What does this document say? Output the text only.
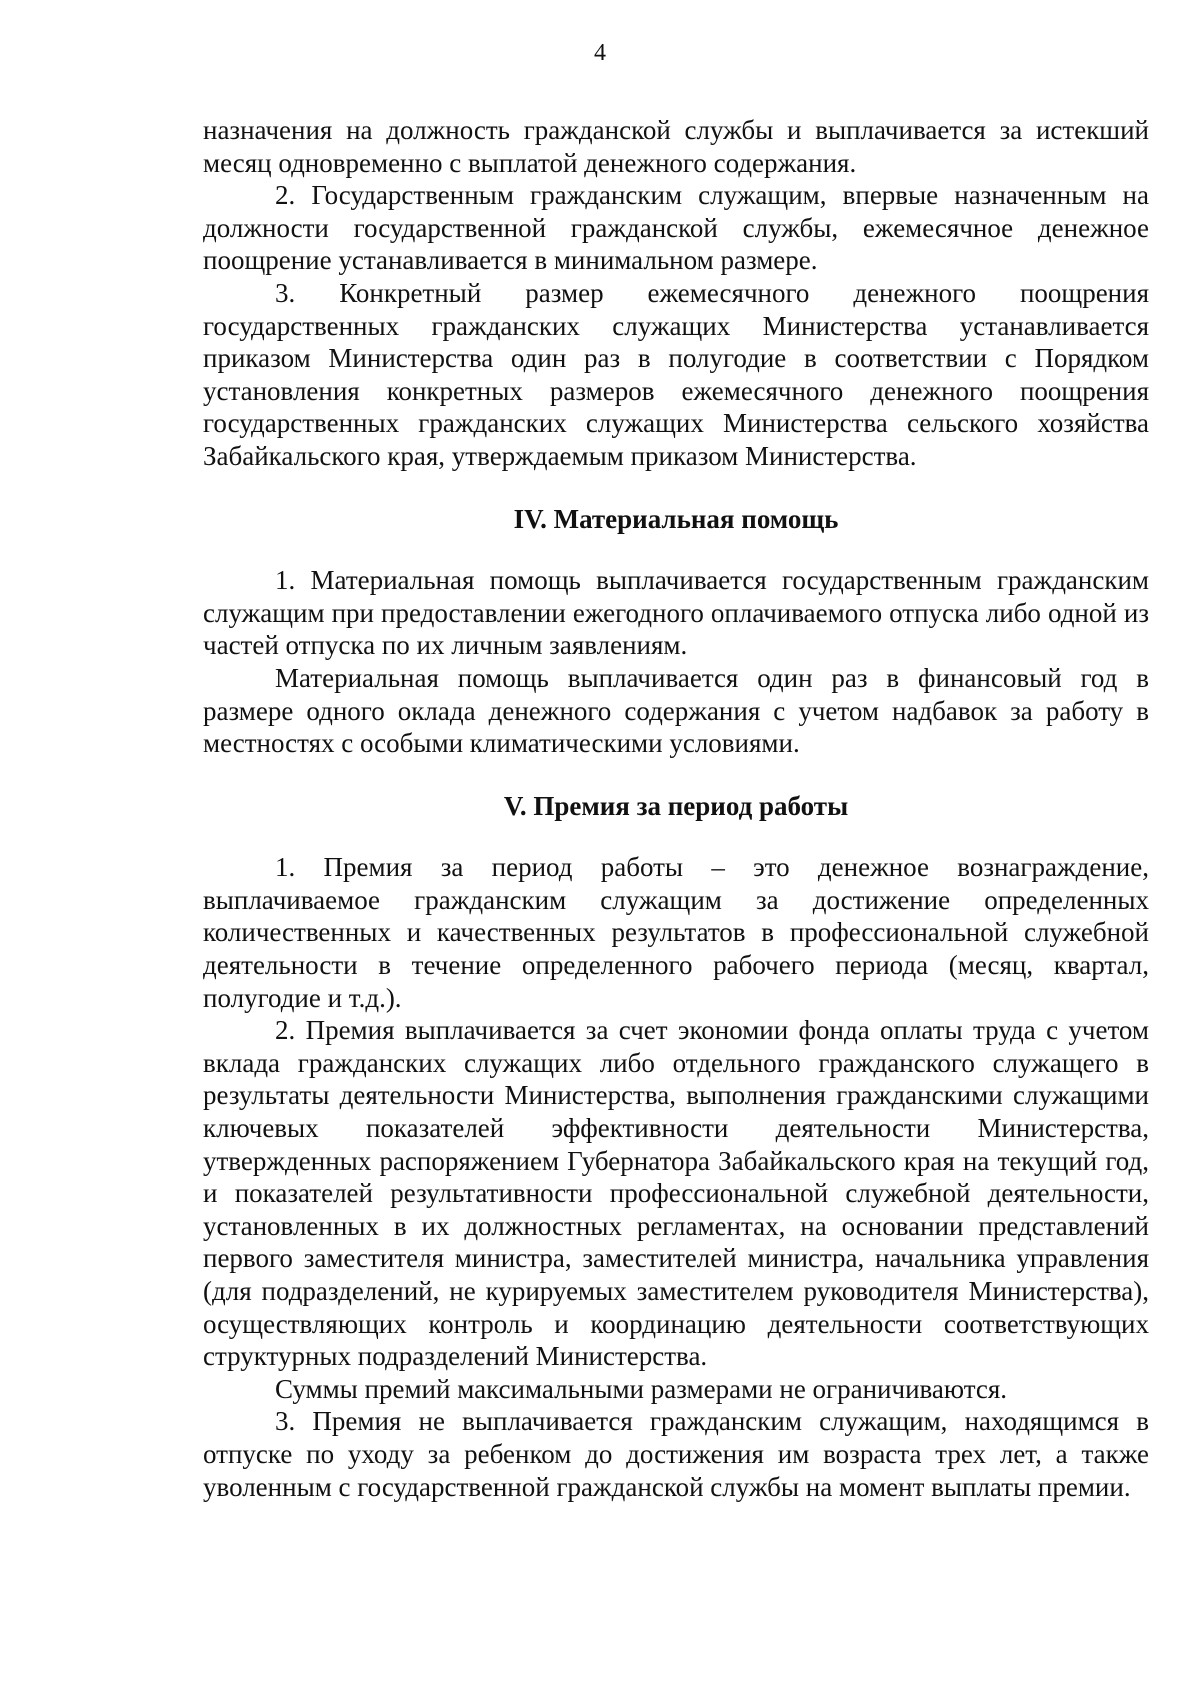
4

назначения на должность гражданской службы и выплачивается за истекший месяц одновременно с выплатой денежного содержания.

2. Государственным гражданским служащим, впервые назначенным на должности государственной гражданской службы, ежемесячное денежное поощрение устанавливается в минимальном размере.

3. Конкретный размер ежемесячного денежного поощрения государственных гражданских служащих Министерства устанавливается приказом Министерства один раз в полугодие в соответствии с Порядком установления конкретных размеров ежемесячного денежного поощрения государственных гражданских служащих Министерства сельского хозяйства Забайкальского края, утверждаемым приказом Министерства.

IV. Материальная помощь

1. Материальная помощь выплачивается государственным гражданским служащим при предоставлении ежегодного оплачиваемого отпуска либо одной из частей отпуска по их личным заявлениям.

Материальная помощь выплачивается один раз в финансовый год в размере одного оклада денежного содержания с учетом надбавок за работу в местностях с особыми климатическими условиями.

V. Премия за период работы

1. Премия за период работы – это денежное вознаграждение, выплачиваемое гражданским служащим за достижение определенных количественных и качественных результатов в профессиональной служебной деятельности в течение определенного рабочего периода (месяц, квартал, полугодие и т.д.).

2. Премия выплачивается за счет экономии фонда оплаты труда с учетом вклада гражданских служащих либо отдельного гражданского служащего в результаты деятельности Министерства, выполнения гражданскими служащими ключевых показателей эффективности деятельности Министерства, утвержденных распоряжением Губернатора Забайкальского края на текущий год, и показателей результативности профессиональной служебной деятельности, установленных в их должностных регламентах, на основании представлений первого заместителя министра, заместителей министра, начальника управления (для подразделений, не курируемых заместителем руководителя Министерства), осуществляющих контроль и координацию деятельности соответствующих структурных подразделений Министерства.

Суммы премий максимальными размерами не ограничиваются.

3. Премия не выплачивается гражданским служащим, находящимся в отпуске по уходу за ребенком до достижения им возраста трех лет, а также уволенным с государственной гражданской службы на момент выплаты премии.
